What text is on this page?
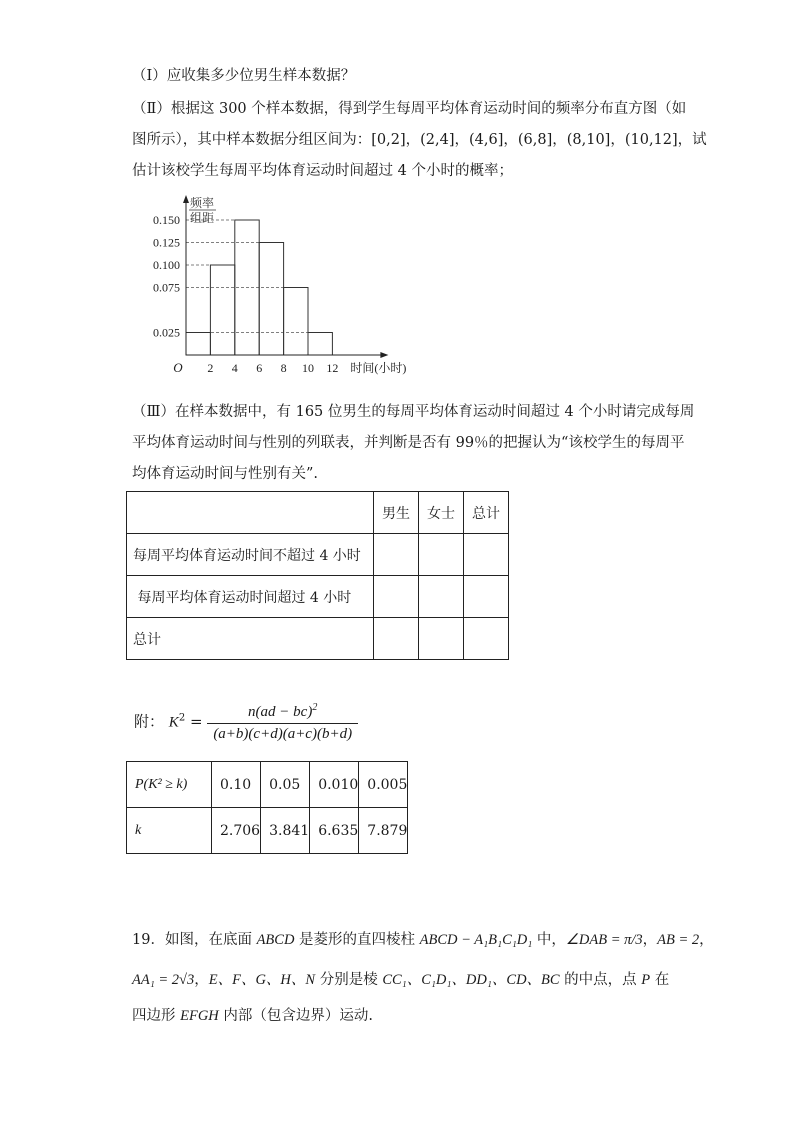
（Ⅰ）应收集多少位男生样本数据？
（Ⅱ）根据这 300 个样本数据，得到学生每周平均体育运动时间的频率分布直方图（如
图所示），其中样本数据分组区间为：[0,2]，(2,4]，(4,6]，(6,8]，(8,10]，(10,12]，试
估计该校学生每周平均体育运动时间超过 4 个小时的概率；
0.150
0.125
0.100
0.075
0.025
O 2 4 6 8 10 12 时间(小时)
频率
组距
（Ⅲ）在样本数据中，有 165 位男生的每周平均体育运动时间超过 4 个小时请完成每周
平均体育运动时间与性别的列联表，并判断是否有 99％的把握认为“该校学生的每周平
均体育运动时间与性别有关”.
	男生	女士	总计
每周平均体育运动时间不超过 4 小时			
每周平均体育运动时间超过 4 小时			
总计			
附： $K^2 = \frac{n(ad - bc)^2}{(a+b)(c+d)(a+c)(b+d)}$
P(K² ≥ k)	0.10	0.05	0.010	0.005
k	2.706	3.841	6.635	7.879
19．如图，在底面 ABCD 是菱形的直四棱柱 ABCD − A₁B₁C₁D₁ 中，∠DAB = π/3，AB = 2，
AA₁ = 2√3，E、F、G、H、N 分别是棱 CC₁、C₁D₁、DD₁、CD、BC 的中点，点 P 在
四边形 EFGH 内部（包含边界）运动.
